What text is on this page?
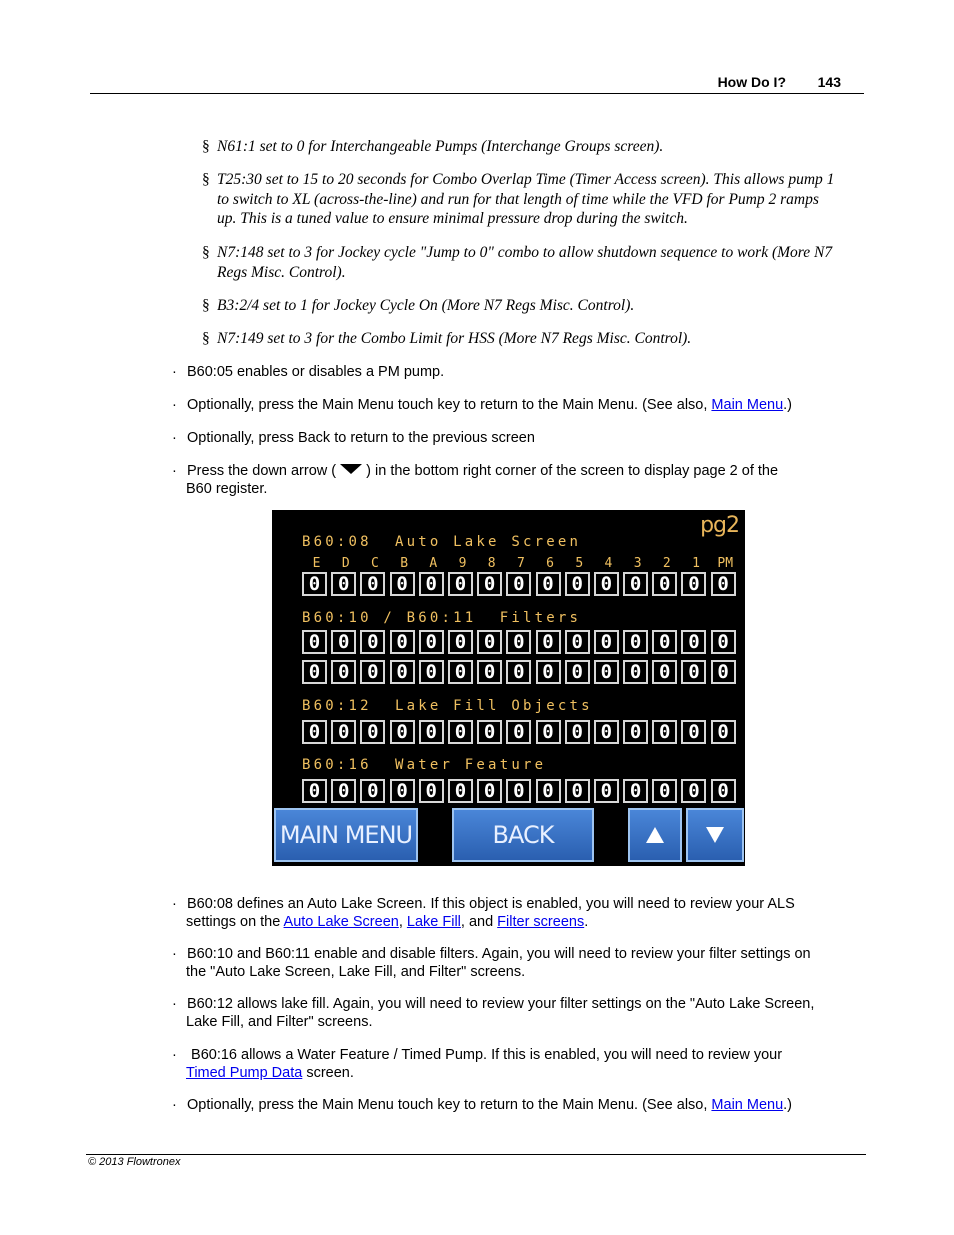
How Do I? 143
§ N61:1 set to 0 for Interchangeable Pumps (Interchange Groups screen).
§ T25:30 set to 15 to 20 seconds for Combo Overlap Time (Timer Access screen). This allows pump 1 to switch to XL (across-the-line) and run for that length of time while the VFD for Pump 2 ramps up. This is a tuned value to ensure minimal pressure drop during the switch.
§ N7:148 set to 3 for Jockey cycle "Jump to 0" combo to allow shutdown sequence to work (More N7 Regs Misc. Control).
§ B3:2/4 set to 1 for Jockey Cycle On (More N7 Regs Misc. Control).
§ N7:149 set to 3 for the Combo Limit for HSS (More N7 Regs Misc. Control).
· B60:05 enables or disables a PM pump.
· Optionally, press the Main Menu touch key to return to the Main Menu. (See also, Main Menu.)
· Optionally, press Back to return to the previous screen
· Press the down arrow (  ) in the bottom right corner of the screen to display page 2 of the
B60 register.
pg2
B60:08  Auto Lake Screen
E	D	C	B	A	9	8	7	6	5	4	3	2	1	PM
0 0 0 0 0 0 0 0 0 0 0 0 0 0 0
B60:10 / B60:11  Filters
0 0 0 0 0 0 0 0 0 0 0 0 0 0 0
0 0 0 0 0 0 0 0 0 0 0 0 0 0 0
B60:12  Lake Fill Objects
0 0 0 0 0 0 0 0 0 0 0 0 0 0 0
B60:16  Water Feature
0 0 0 0 0 0 0 0 0 0 0 0 0 0 0
MAIN MENU	BACK
· B60:08 defines an Auto Lake Screen. If this object is enabled, you will need to review your ALS
settings on the Auto Lake Screen, Lake Fill, and Filter screens.
· B60:10 and B60:11 enable and disable filters. Again, you will need to review your filter settings on
the "Auto Lake Screen, Lake Fill, and Filter" screens.
· B60:12 allows lake fill. Again, you will need to review your filter settings on the "Auto Lake Screen,
Lake Fill, and Filter" screens.
· B60:16 allows a Water Feature / Timed Pump. If this is enabled, you will need to review your
Timed Pump Data screen.
· Optionally, press the Main Menu touch key to return to the Main Menu. (See also, Main Menu.)
© 2013 Flowtronex
